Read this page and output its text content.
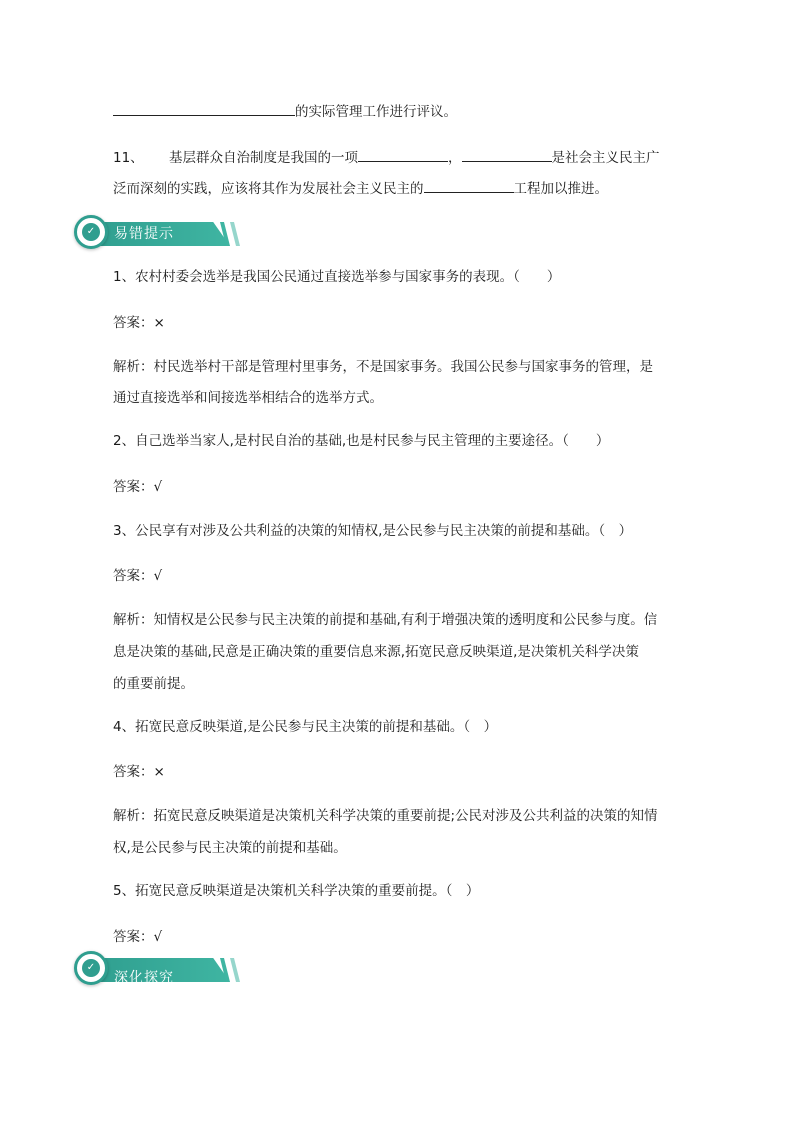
的实际管理工作进行评议。
11、 基层群众自治制度是我国的一项	，	是社会主义民主广
泛而深刻的实践，应该将其作为发展社会主义民主的	工程加以推进。
✓	易错提示
1、农村村委会选举是我国公民通过直接选举参与国家事务的表现。（　　）
答案：×
解析：村民选举村干部是管理村里事务，不是国家事务。我国公民参与国家事务的管理，是
通过直接选举和间接选举相结合的选举方式。
2、自己选举当家人,是村民自治的基础,也是村民参与民主管理的主要途径。（　　）
答案：√
3、公民享有对涉及公共利益的决策的知情权,是公民参与民主决策的前提和基础。（　）
答案：√
解析：知情权是公民参与民主决策的前提和基础,有利于增强决策的透明度和公民参与度。信
息是决策的基础,民意是正确决策的重要信息来源,拓宽民意反映渠道,是决策机关科学决策
的重要前提。
4、拓宽民意反映渠道,是公民参与民主决策的前提和基础。（　）
答案：×
解析：拓宽民意反映渠道是决策机关科学决策的重要前提;公民对涉及公共利益的决策的知情
权,是公民参与民主决策的前提和基础。
5、拓宽民意反映渠道是决策机关科学决策的重要前提。（　）
答案：√
✓
深化探究
